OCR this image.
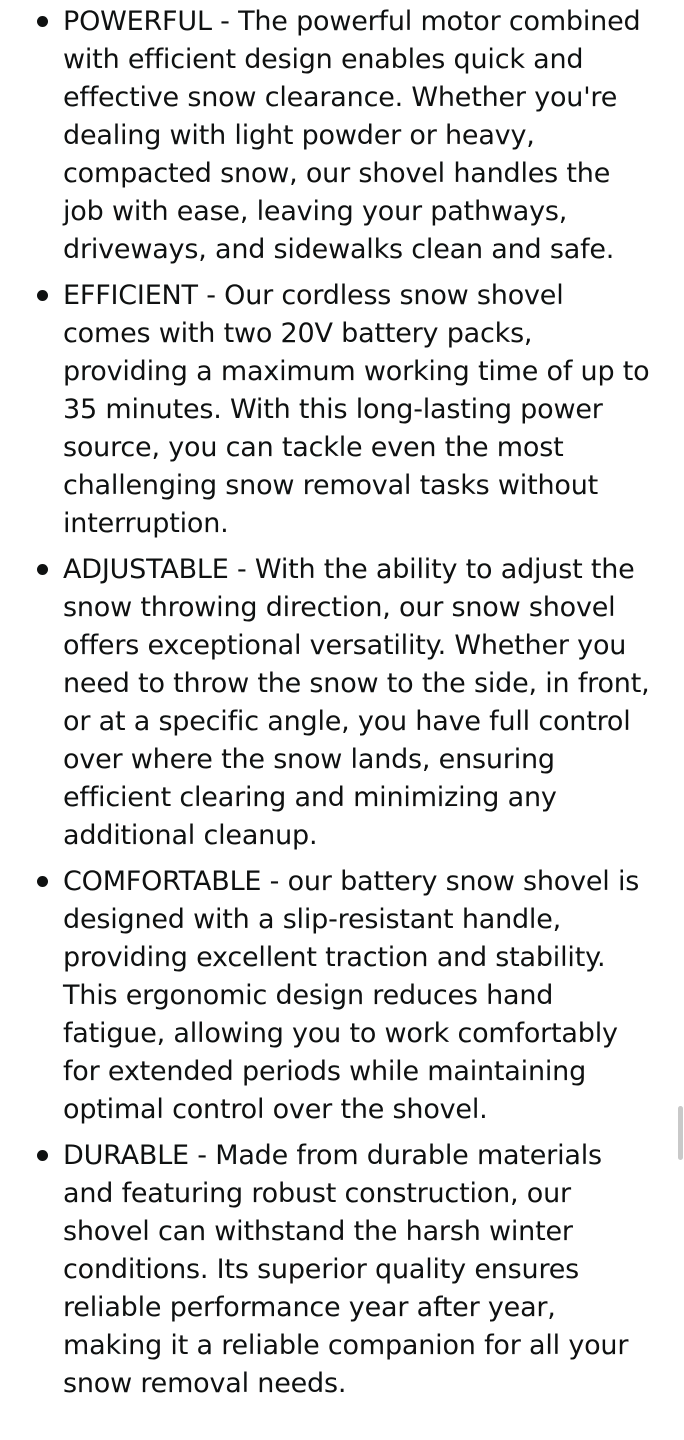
POWERFUL - The powerful motor combined with efficient design enables quick and effective snow clearance. Whether you're dealing with light powder or heavy, compacted snow, our shovel handles the job with ease, leaving your pathways, driveways, and sidewalks clean and safe.
EFFICIENT - Our cordless snow shovel comes with two 20V battery packs, providing a maximum working time of up to 35 minutes. With this long-lasting power source, you can tackle even the most challenging snow removal tasks without interruption.
ADJUSTABLE - With the ability to adjust the snow throwing direction, our snow shovel offers exceptional versatility. Whether you need to throw the snow to the side, in front, or at a specific angle, you have full control over where the snow lands, ensuring efficient clearing and minimizing any additional cleanup.
COMFORTABLE - our battery snow shovel is designed with a slip-resistant handle, providing excellent traction and stability. This ergonomic design reduces hand fatigue, allowing you to work comfortably for extended periods while maintaining optimal control over the shovel.
DURABLE - Made from durable materials and featuring robust construction, our shovel can withstand the harsh winter conditions. Its superior quality ensures reliable performance year after year, making it a reliable companion for all your snow removal needs.
